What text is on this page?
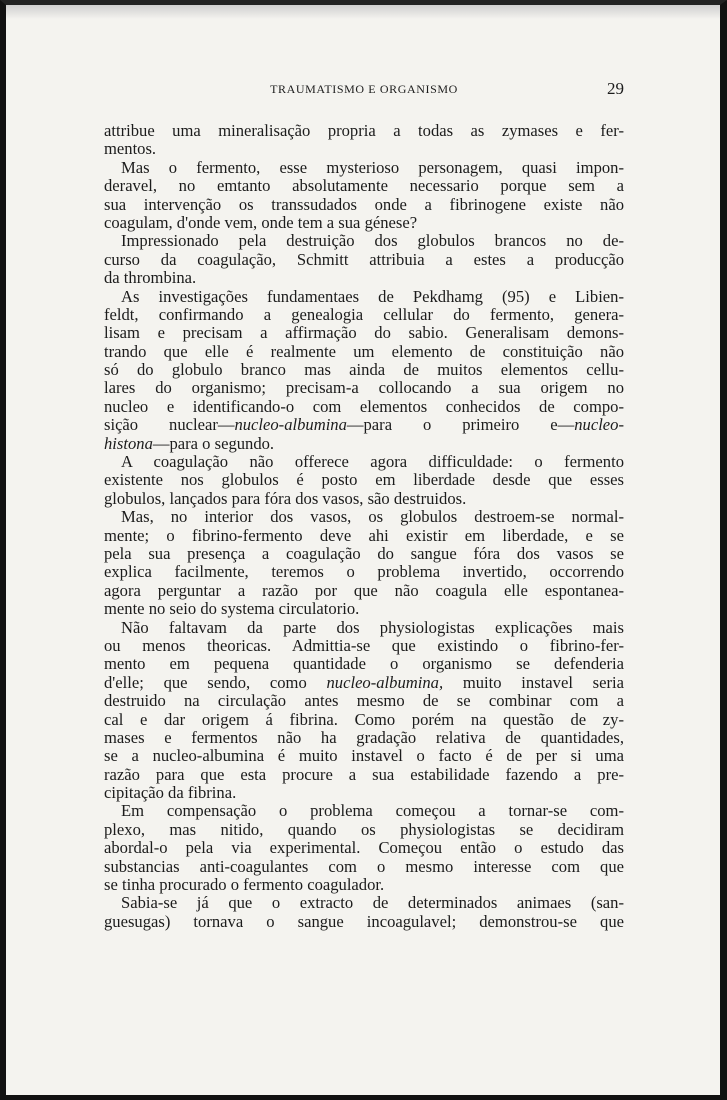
TRAUMATISMO E ORGANISMO	29
attribue uma mineralisação propria a todas as zymases e fer-
mentos.
Mas o fermento, esse mysterioso personagem, quasi impon-
deravel, no emtanto absolutamente necessario porque sem a
sua intervenção os transsudados onde a fibrinogene existe não
coagulam, d'onde vem, onde tem a sua génese?
Impressionado pela destruição dos globulos brancos no de-
curso da coagulação, Schmitt attribuia a estes a producção
da thrombina.
As investigações fundamentaes de Pekdhamg (95) e Libien-
feldt, confirmando a genealogia cellular do fermento, genera-
lisam e precisam a affirmação do sabio. Generalisam demons-
trando que elle é realmente um elemento de constituição não
só do globulo branco mas ainda de muitos elementos cellu-
lares do organismo; precisam-a collocando a sua origem no
nucleo e identificando-o com elementos conhecidos de compo-
sição nuclear—nucleo-albumina—para o primeiro e—nucleo-
histona—para o segundo.
A coagulação não offerece agora difficuldade: o fermento
existente nos globulos é posto em liberdade desde que esses
globulos, lançados para fóra dos vasos, são destruidos.
Mas, no interior dos vasos, os globulos destroem-se normal-
mente; o fibrino-fermento deve ahi existir em liberdade, e se
pela sua presença a coagulação do sangue fóra dos vasos se
explica facilmente, teremos o problema invertido, occorrendo
agora perguntar a razão por que não coagula elle espontanea-
mente no seio do systema circulatorio.
Não faltavam da parte dos physiologistas explicações mais
ou menos theoricas. Admittia-se que existindo o fibrino-fer-
mento em pequena quantidade o organismo se defenderia
d'elle; que sendo, como nucleo-albumina, muito instavel seria
destruido na circulação antes mesmo de se combinar com a
cal e dar origem á fibrina. Como porém na questão de zy-
mases e fermentos não ha gradação relativa de quantidades,
se a nucleo-albumina é muito instavel o facto é de per si uma
razão para que esta procure a sua estabilidade fazendo a pre-
cipitação da fibrina.
Em compensação o problema começou a tornar-se com-
plexo, mas nitido, quando os physiologistas se decidiram
abordal-o pela via experimental. Começou então o estudo das
substancias anti-coagulantes com o mesmo interesse com que
se tinha procurado o fermento coagulador.
Sabia-se já que o extracto de determinados animaes (san-
guesugas) tornava o sangue incoagulavel; demonstrou-se que
